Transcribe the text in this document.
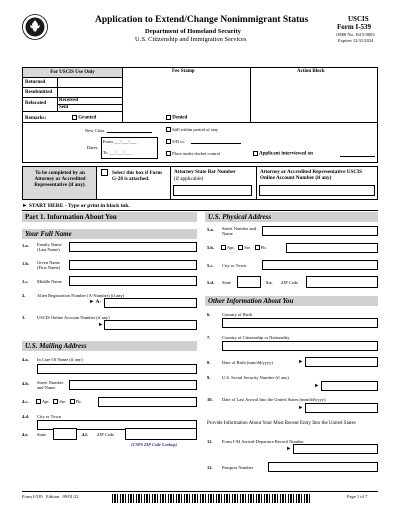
Application to Extend/Change Nonimmigrant Status
Department of Homeland Security
U.S. Citizenship and Immigration Services
USCIS
Form I-539
OMB No. 1615-0003
Expires 12/31/2024
For USCIS Use Only	Fee Stamp	Action Block
Returned
Resubmitted
Relocated
Received
Sent
Remarks:	Granted	Denied
New Class
Dates:
From ___/___/___
To ___/___/___
Still within period of stay
S/D to:
Place under docket control	Applicant interviewed on
To be completed by an Attorney or Accredited Representative (if any).
Select this box if Form G-28 is attached.
Attorney State Bar Number
(if applicable)
Attorney or Accredited Representative USCIS Online Account Number (if any)
► START HERE - Type or print in black ink.
Part 1. Information About You
Your Full Name
1.a. Family Name (Last Name)
1.b. Given Name (First Name)
1.c. Middle Name
2.	Alien Registration Number (A-Number) (if any)
► A-
3.	USCIS Online Account Number (if any)
►
U.S. Mailing Address
4.a. In Care Of Name (if any)
4.b. Street Number and Name
4.c.	Apt. Ste. Flr.
4.d. City or Town
4.e. State	4.f. ZIP Code
(USPS ZIP Code Lookup)
U.S. Physical Address
5.a. Street Number and Name
5.b.	Apt. Ste. Flr.
5.c. City or Town
5.d. State	5.e. ZIP Code
Other Information About You
6.	Country of Birth
7.	Country of Citizenship or Nationality
8.	Date of Birth (mm/dd/yyyy)	►
9.	U.S. Social Security Number (if any)
►
10. Date of Last Arrival Into the United States (mm/dd/yyyy)
►
Provide Information About Your Most Recent Entry Into the United States
11. Form I-94 Arrival-Departure Record Number
►
12. Passport Number
Form I-539   Edition   09/01/22	Page 1 of 7
